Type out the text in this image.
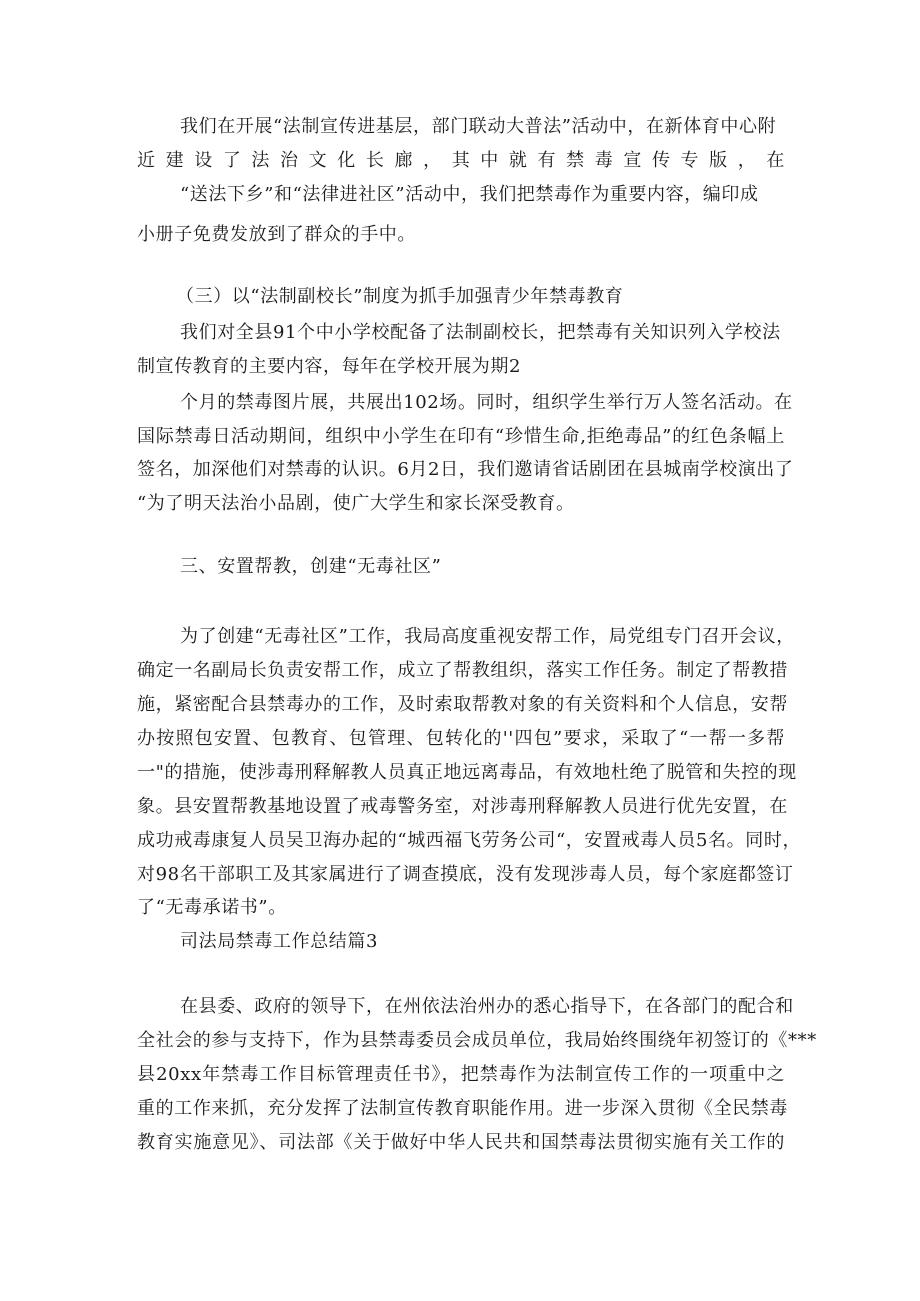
我们在开展“法制宣传进基层，部门联动大普法”活动中，在新体育中心附
近建设了法治文化长廊，其中就有禁毒宣传专版，在
“送法下乡”和“法律进社区”活动中，我们把禁毒作为重要内容，编印成
小册子免费发放到了群众的手中。
（三）以“法制副校长”制度为抓手加强青少年禁毒教育
我们对全县91个中小学校配备了法制副校长，把禁毒有关知识列入学校法
制宣传教育的主要内容，每年在学校开展为期2
个月的禁毒图片展，共展出102场。同时，组织学生举行万人签名活动。在
国际禁毒日活动期间，组织中小学生在印有“珍惜生命,拒绝毒品”的红色条幅上
签名，加深他们对禁毒的认识。6月2日，我们邀请省话剧团在县城南学校演出了
“为了明天法治小品剧，使广大学生和家长深受教育。
三、安置帮教，创建“无毒社区”
为了创建“无毒社区”工作，我局高度重视安帮工作，局党组专门召开会议，
确定一名副局长负责安帮工作，成立了帮教组织，落实工作任务。制定了帮教措
施，紧密配合县禁毒办的工作，及时索取帮教对象的有关资料和个人信息，安帮
办按照包安置、包教育、包管理、包转化的''四包”要求，采取了“一帮一多帮
一"的措施，使涉毒刑释解教人员真正地远离毒品，有效地杜绝了脱管和失控的现
象。县安置帮教基地设置了戒毒警务室，对涉毒刑释解教人员进行优先安置，在
成功戒毒康复人员吴卫海办起的“城西福飞劳务公司“，安置戒毒人员5名。同时，
对98名干部职工及其家属进行了调查摸底，没有发现涉毒人员，每个家庭都签订
了“无毒承诺书”。
司法局禁毒工作总结篇3
在县委、政府的领导下，在州依法治州办的悉心指导下，在各部门的配合和
全社会的参与支持下，作为县禁毒委员会成员单位，我局始终围绕年初签订的《***
县20xx年禁毒工作目标管理责任书》，把禁毒作为法制宣传工作的一项重中之
重的工作来抓，充分发挥了法制宣传教育职能作用。进一步深入贯彻《全民禁毒
教育实施意见》、司法部《关于做好中华人民共和国禁毒法贯彻实施有关工作的
